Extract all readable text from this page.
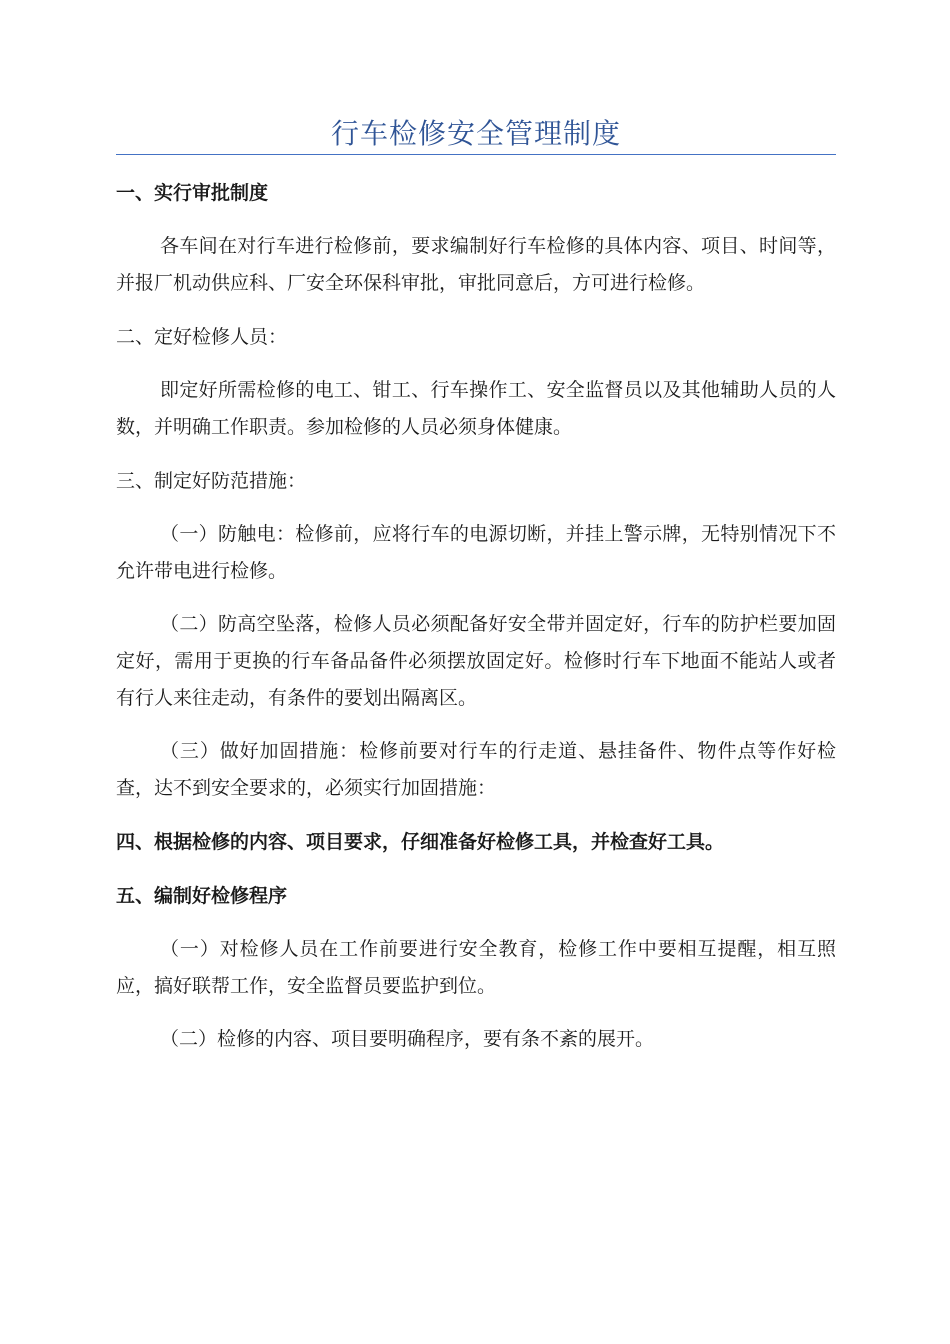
行车检修安全管理制度
一、实行审批制度

各车间在对行车进行检修前，要求编制好行车检修的具体内容、项目、时间等，并报厂机动供应科、厂安全环保科审批，审批同意后，方可进行检修。

二、定好检修人员：

即定好所需检修的电工、钳工、行车操作工、安全监督员以及其他辅助人员的人数，并明确工作职责。参加检修的人员必须身体健康。

三、制定好防范措施：

（一）防触电：检修前，应将行车的电源切断，并挂上警示牌，无特别情况下不允许带电进行检修。

（二）防高空坠落，检修人员必须配备好安全带并固定好，行车的防护栏要加固定好，需用于更换的行车备品备件必须摆放固定好。检修时行车下地面不能站人或者有行人来往走动，有条件的要划出隔离区。

（三）做好加固措施：检修前要对行车的行走道、悬挂备件、物件点等作好检查，达不到安全要求的，必须实行加固措施：

四、根据检修的内容、项目要求，仔细准备好检修工具，并检查好工具。
五、编制好检修程序

（一）对检修人员在工作前要进行安全教育，检修工作中要相互提醒，相互照应，搞好联帮工作，安全监督员要监护到位。

（二）检修的内容、项目要明确程序，要有条不紊的展开。
